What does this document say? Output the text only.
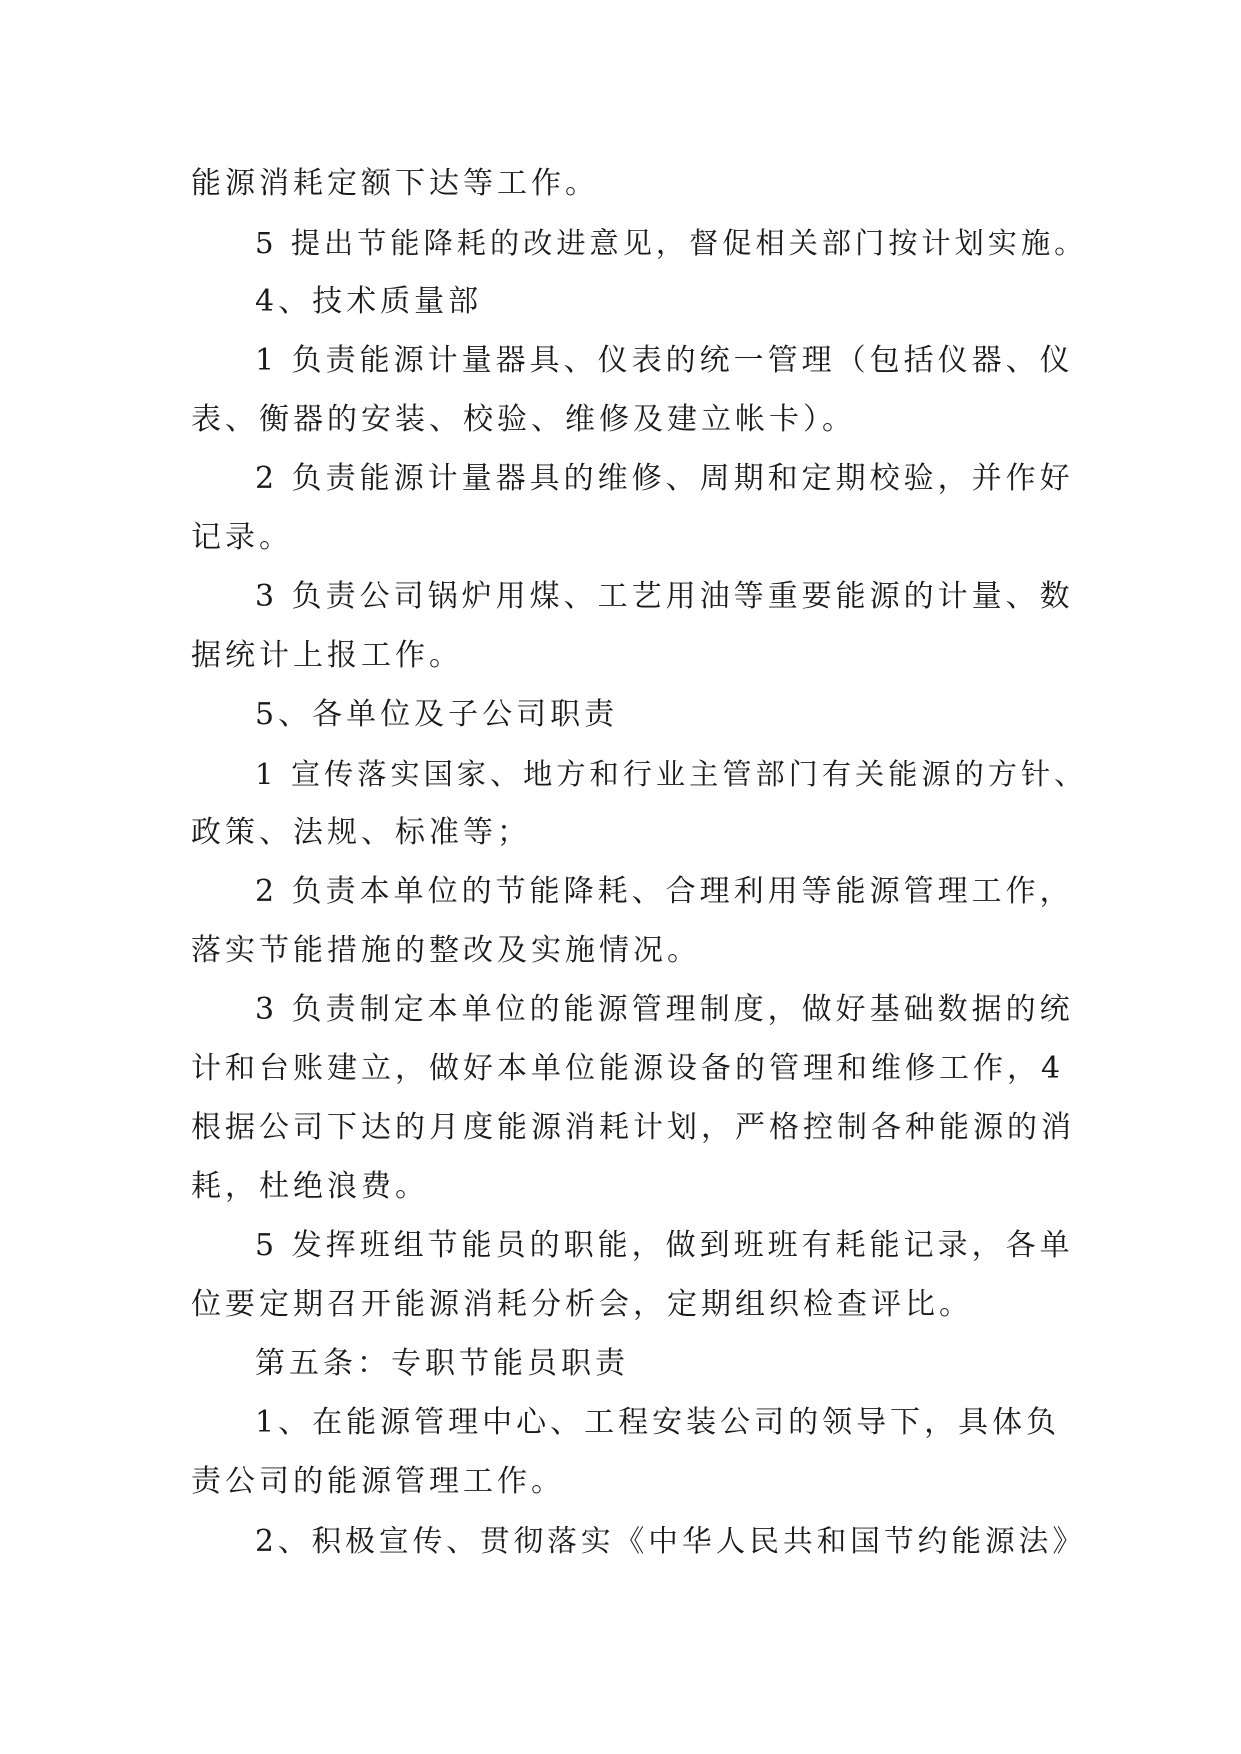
能源消耗定额下达等工作。
5 提出节能降耗的改进意见，督促相关部门按计划实施。
4、技术质量部
1 负责能源计量器具、仪表的统一管理（包括仪器、仪
表、衡器的安装、校验、维修及建立帐卡）。
2 负责能源计量器具的维修、周期和定期校验，并作好
记录。
3 负责公司锅炉用煤、工艺用油等重要能源的计量、数
据统计上报工作。
5、各单位及子公司职责
1 宣传落实国家、地方和行业主管部门有关能源的方针、
政策、法规、标准等；
2 负责本单位的节能降耗、合理利用等能源管理工作，
落实节能措施的整改及实施情况。
3 负责制定本单位的能源管理制度，做好基础数据的统
计和台账建立，做好本单位能源设备的管理和维修工作，4
根据公司下达的月度能源消耗计划，严格控制各种能源的消
耗，杜绝浪费。
5 发挥班组节能员的职能，做到班班有耗能记录，各单
位要定期召开能源消耗分析会，定期组织检查评比。
第五条：专职节能员职责
1、在能源管理中心、工程安装公司的领导下，具体负
责公司的能源管理工作。
2、积极宣传、贯彻落实《中华人民共和国节约能源法》
